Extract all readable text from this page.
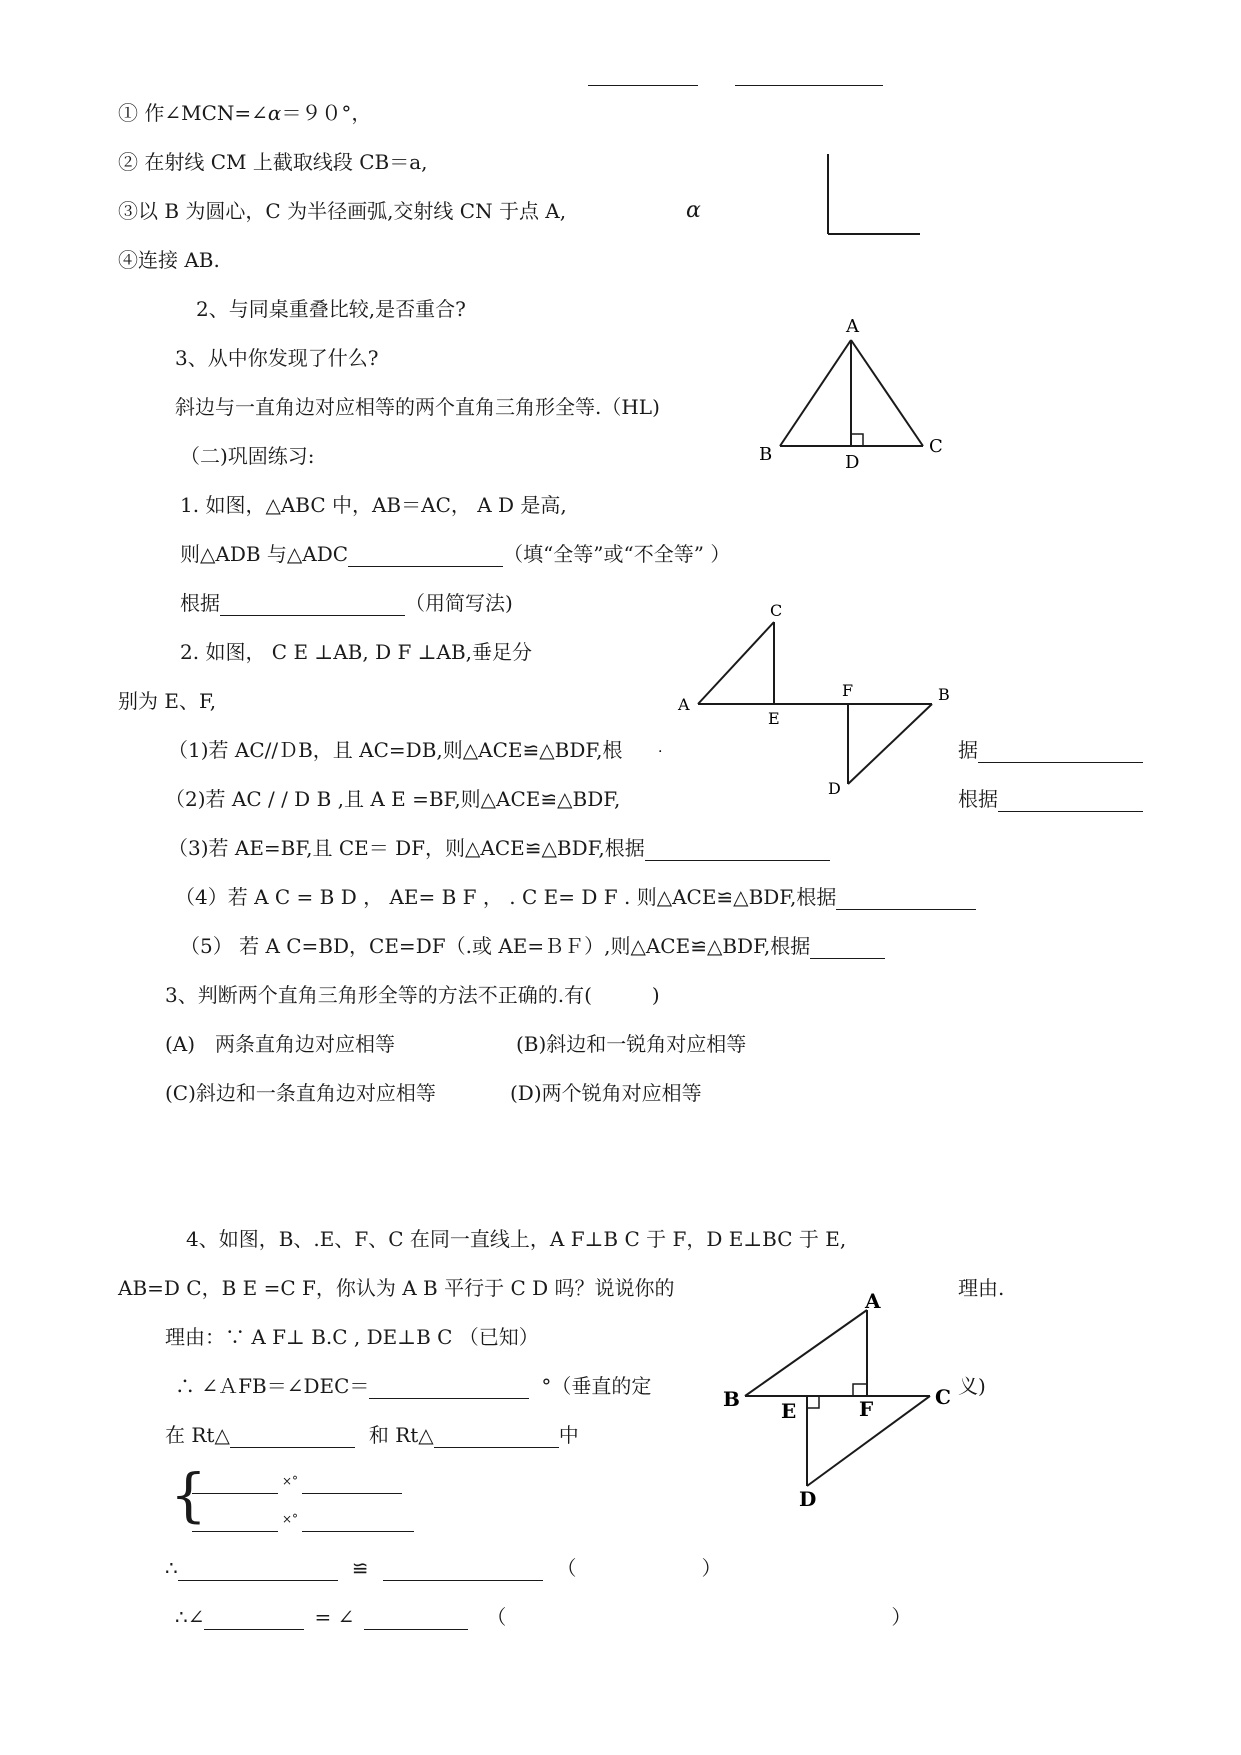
① 作∠MCN=∠α＝９０°，
② 在射线 CM 上截取线段 CB＝a,
③以 B 为圆心，C 为半径画弧,交射线 CN 于点 A,	α
④连接 AB.
2、与同桌重叠比较,是否重合?
3、从中你发现了什么?
斜边与一直角边对应相等的两个直角三角形全等.（HL)
A
B	C
D
（二)巩固练习:
1. 如图，△ABC 中，AB＝AC， A D 是高,
则△ADB 与△ADC	（填“全等”或“不全等” ）
根据	（用简写法)
2. 如图， C E ⊥AB, D F ⊥AB,垂足分
别为 E、F,
C
A
E
F	B
D
.
（1)若 AC//ＤB，且 AC=DB,则△ACE≌△BDF,根	据
（2)若 AC / / D B ,且 A E =BF,则△ACE≌△BDF,	根据
（3)若 AE=BF,且 CE＝ DF，则△ACE≌△BDF,根据
（4）若 A C = B D ， AE= B F ， . C E= D F . 则△ACE≌△BDF,根据
（5） 若 A C=BD，CE=DF（.或 AE=ＢＦ）,则△ACE≌△BDF,根据
3、判断两个直角三角形全等的方法不正确的.有(　　　)
(A)　两条直角边对应相等	(B)斜边和一锐角对应相等
(C)斜边和一条直角边对应相等	(D)两个锐角对应相等
4、如图，B、.E、F、C 在同一直线上，A F⊥B C 于 F，D E⊥BC 于 E,
AB=D C，B E =C F，你认为 A B 平行于 C D 吗？说说你的	理由.
理由：∵ A F⊥ B.C , DE⊥B C （已知）
∴ ∠ＡFB＝∠DEC＝	°（垂直的定	义)
在 Rt△	和 Rt△	中
{	×°
×°
∴	≌	（	）
∴∠	= ∠	（	）
A
B	C
E	F
D
